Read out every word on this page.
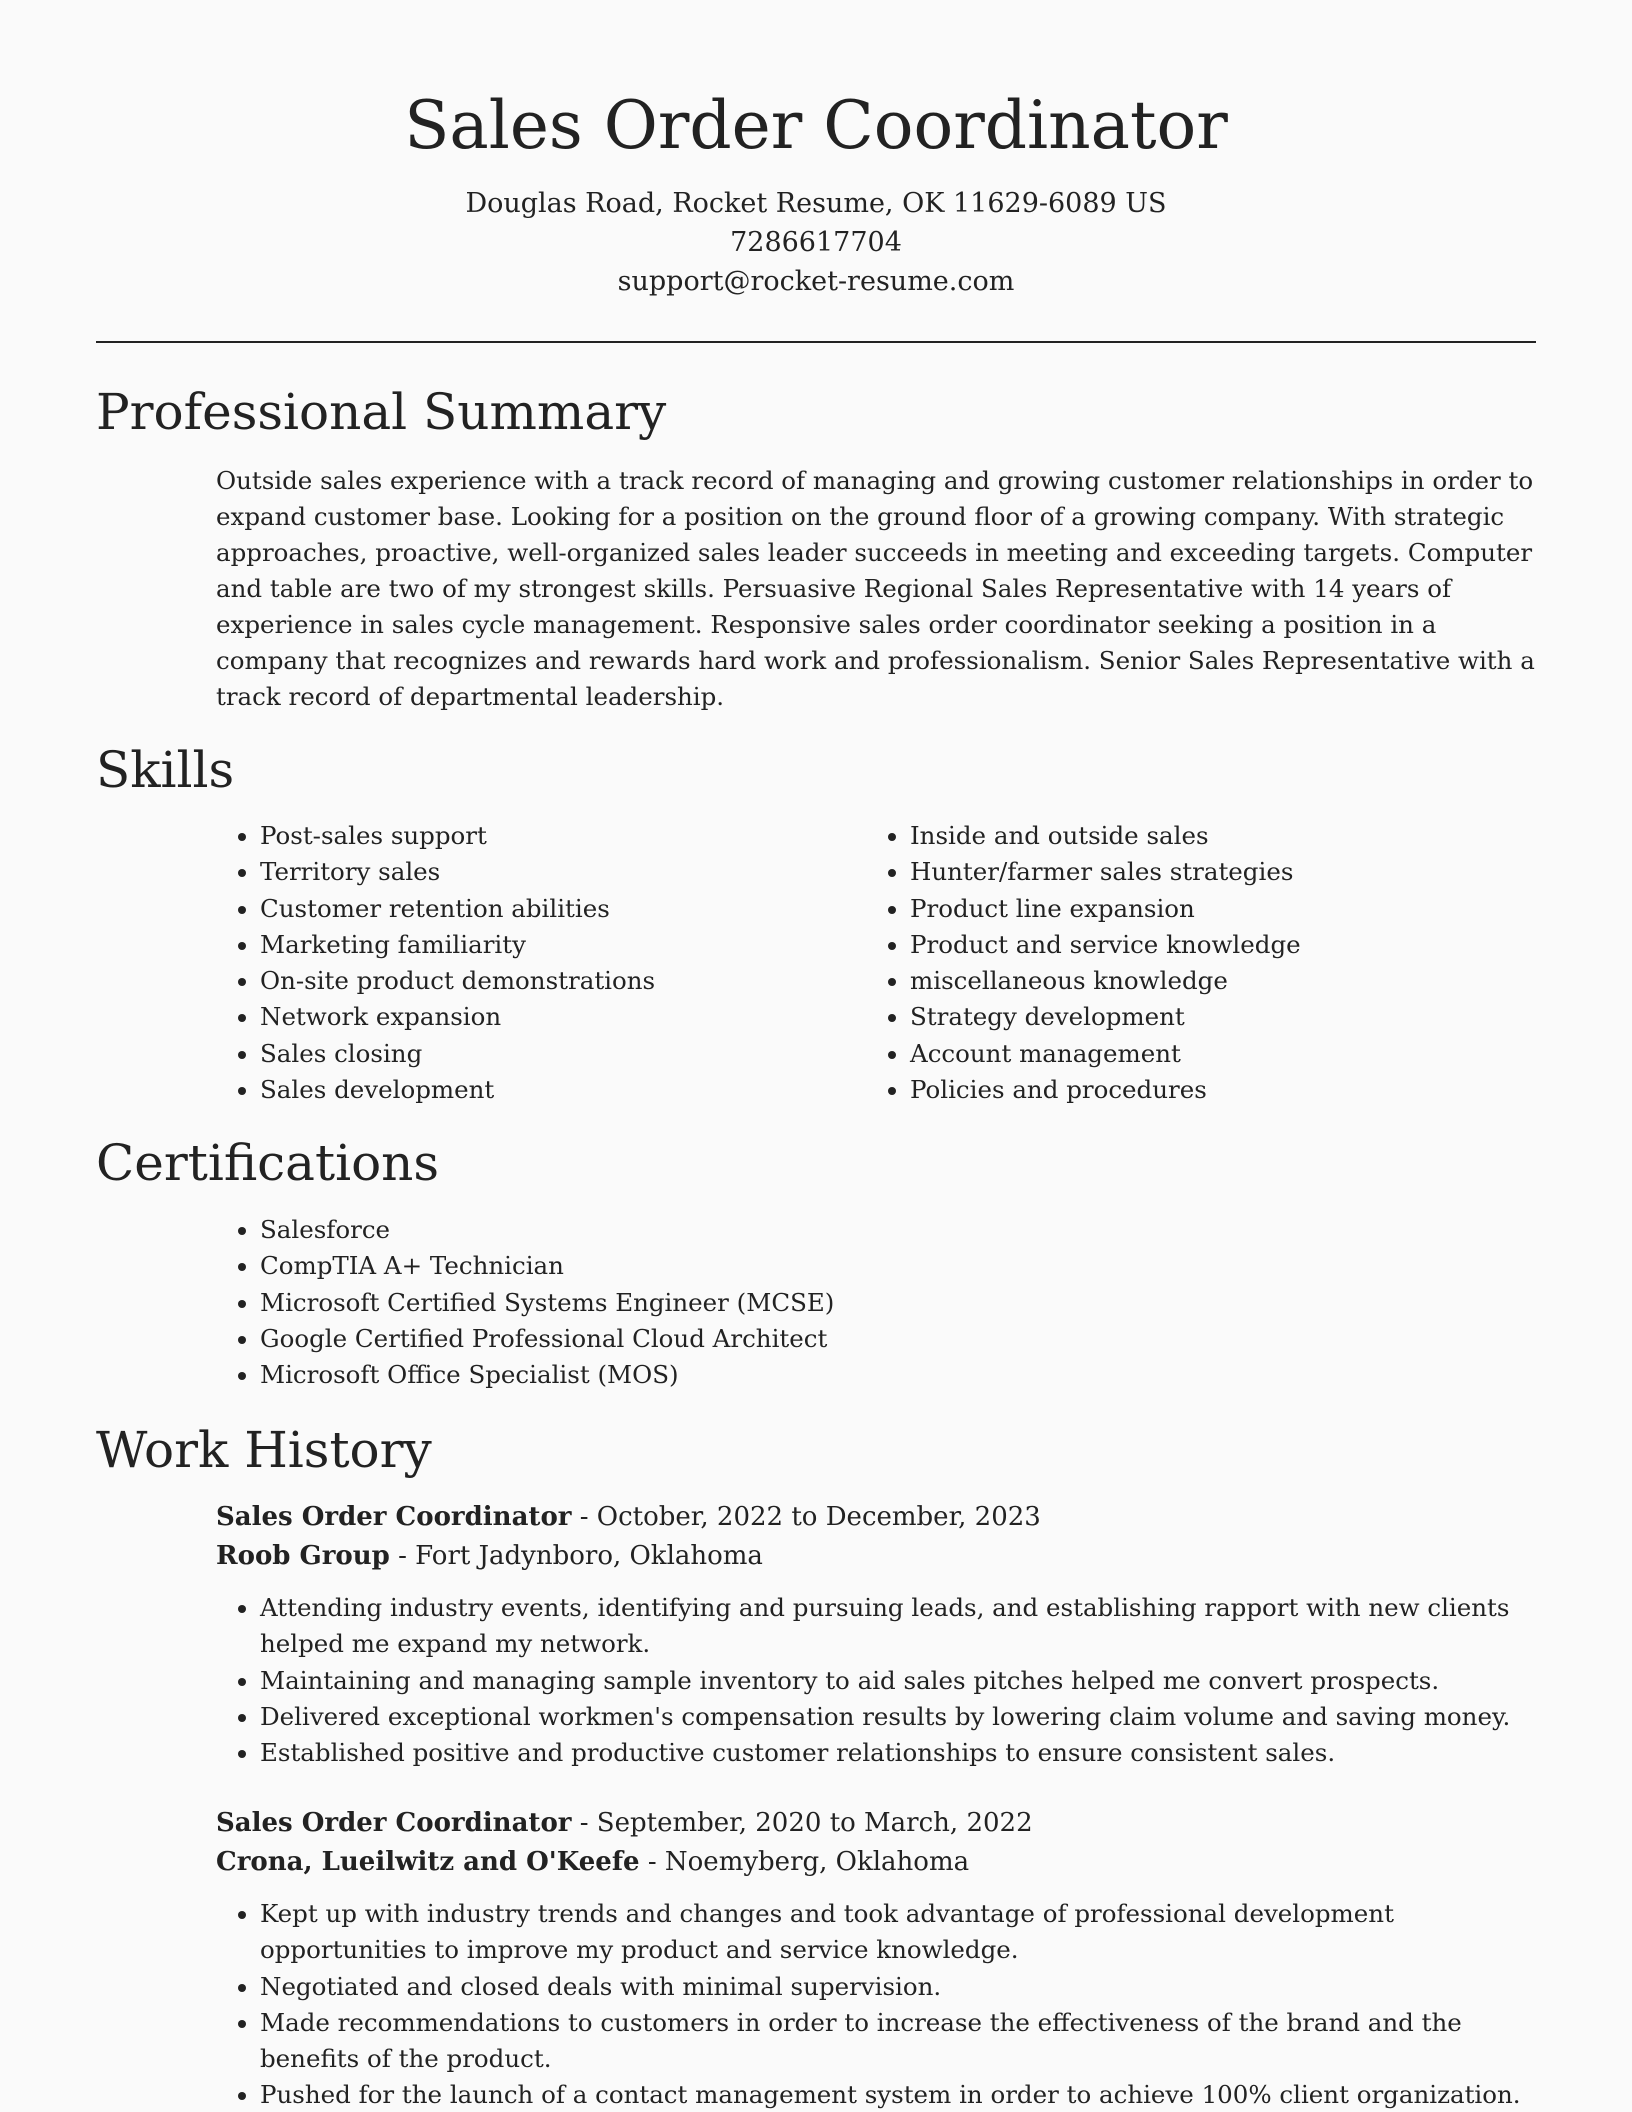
Sales Order Coordinator

Douglas Road, Rocket Resume, OK 11629-6089 US

7286617704

support@rocket-resume.com

Professional Summary

Outside sales experience with a track record of managing and growing customer relationships in order to expand customer base. Looking for a position on the ground floor of a growing company. With strategic approaches, proactive, well-organized sales leader succeeds in meeting and exceeding targets. Computer and table are two of my strongest skills. Persuasive Regional Sales Representative with 14 years of experience in sales cycle management. Responsive sales order coordinator seeking a position in a company that recognizes and rewards hard work and professionalism. Senior Sales Representative with a track record of departmental leadership.

Skills
• Post-sales support
• Territory sales
• Customer retention abilities
• Marketing familiarity
• On-site product demonstrations
• Network expansion
• Sales closing
• Sales development
• Inside and outside sales
• Hunter/farmer sales strategies
• Product line expansion
• Product and service knowledge
• miscellaneous knowledge
• Strategy development
• Account management
• Policies and procedures
Certifications
• Salesforce
• CompTIA A+ Technician
• Microsoft Certified Systems Engineer (MCSE)
• Google Certified Professional Cloud Architect
• Microsoft Office Specialist (MOS)
Work History

Sales Order Coordinator - October, 2022 to December, 2023

Roob Group - Fort Jadynboro, Oklahoma

• Attending industry events, identifying and pursuing leads, and establishing rapport with new clients helped me expand my network.
• Maintaining and managing sample inventory to aid sales pitches helped me convert prospects.
• Delivered exceptional workmen's compensation results by lowering claim volume and saving money.
• Established positive and productive customer relationships to ensure consistent sales.

Sales Order Coordinator - September, 2020 to March, 2022

Crona, Lueilwitz and O'Keefe - Noemyberg, Oklahoma

• Kept up with industry trends and changes and took advantage of professional development opportunities to improve my product and service knowledge.
• Negotiated and closed deals with minimal supervision.
• Made recommendations to customers in order to increase the effectiveness of the brand and the benefits of the product.
• Pushed for the launch of a contact management system in order to achieve 100% client organization.
